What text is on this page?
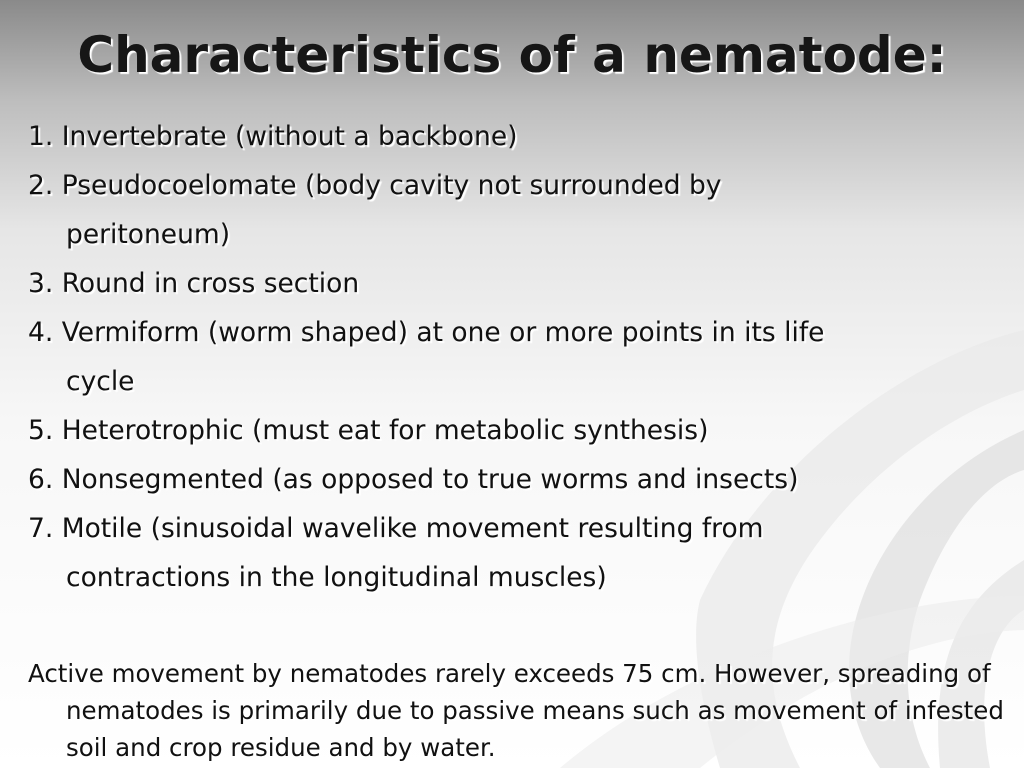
Characteristics of a nematode:
1. Invertebrate (without a backbone)
2. Pseudocoelomate (body cavity not surrounded by
peritoneum)
3. Round in cross section
4. Vermiform (worm shaped) at one or more points in its life
cycle
5. Heterotrophic (must eat for metabolic synthesis)
6. Nonsegmented (as opposed to true worms and insects)
7. Motile (sinusoidal wavelike movement resulting from
contractions in the longitudinal muscles)

Active movement by nematodes rarely exceeds 75 cm. However, spreading of nematodes is primarily due to passive means such as movement of infested soil and crop residue and by water.
